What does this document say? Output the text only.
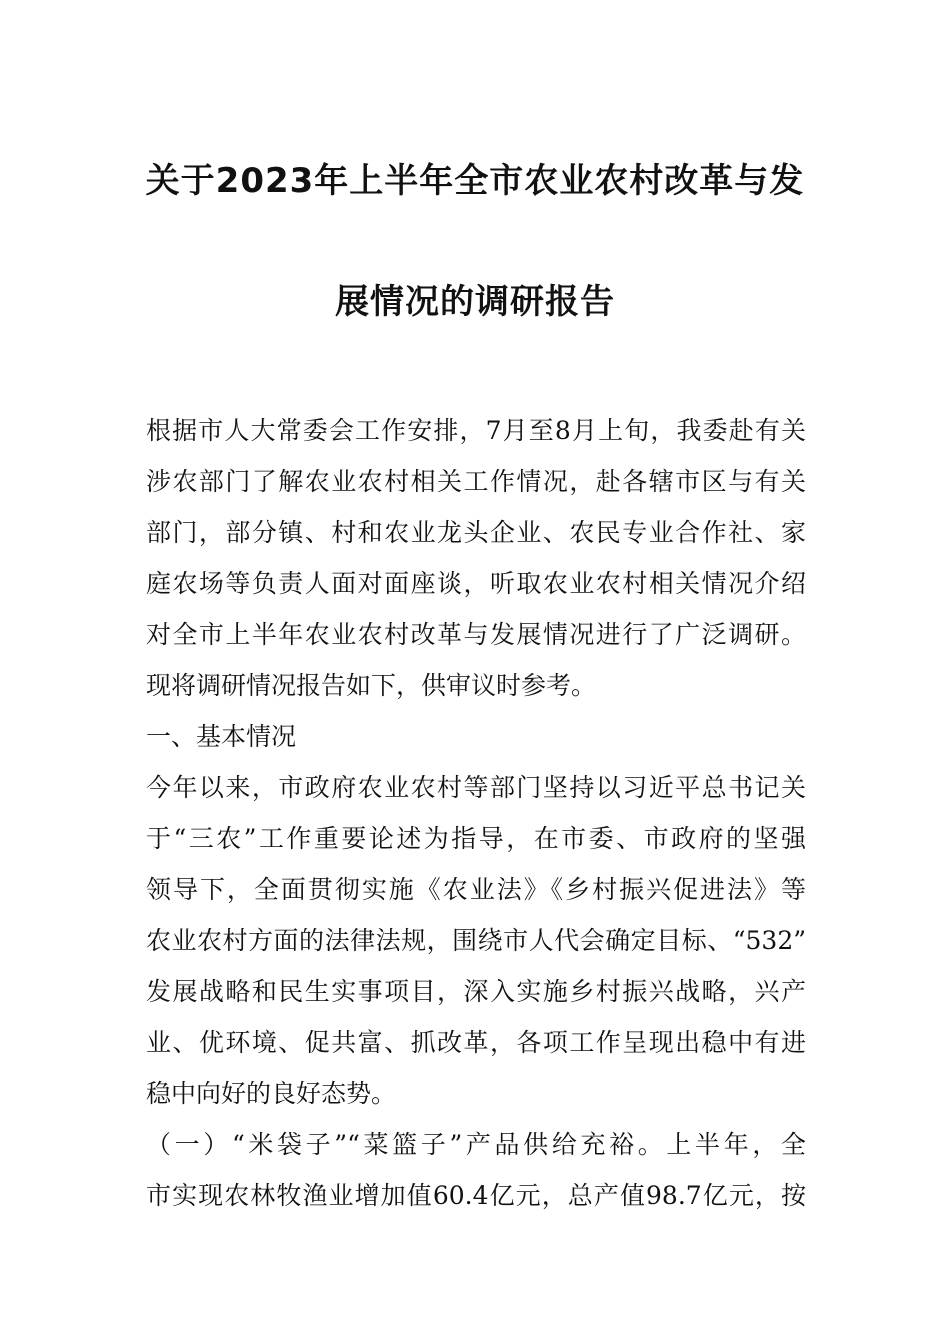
关于2023年上半年全市农业农村改革与发
展情况的调研报告
根据市人大常委会工作安排，7月至8月上旬，我委赴有关
涉农部门了解农业农村相关工作情况，赴各辖市区与有关
部门，部分镇、村和农业龙头企业、农民专业合作社、家
庭农场等负责人面对面座谈，听取农业农村相关情况介绍
对全市上半年农业农村改革与发展情况进行了广泛调研。
现将调研情况报告如下，供审议时参考。
一、基本情况
今年以来，市政府农业农村等部门坚持以习近平总书记关
于“三农”工作重要论述为指导，在市委、市政府的坚强
领导下，全面贯彻实施《农业法》《乡村振兴促进法》等
农业农村方面的法律法规，围绕市人代会确定目标、“532”
发展战略和民生实事项目，深入实施乡村振兴战略，兴产
业、优环境、促共富、抓改革，各项工作呈现出稳中有进
稳中向好的良好态势。
（一）“米袋子”“菜篮子”产品供给充裕。上半年，全
市实现农林牧渔业增加值60.4亿元，总产值98.7亿元，按
